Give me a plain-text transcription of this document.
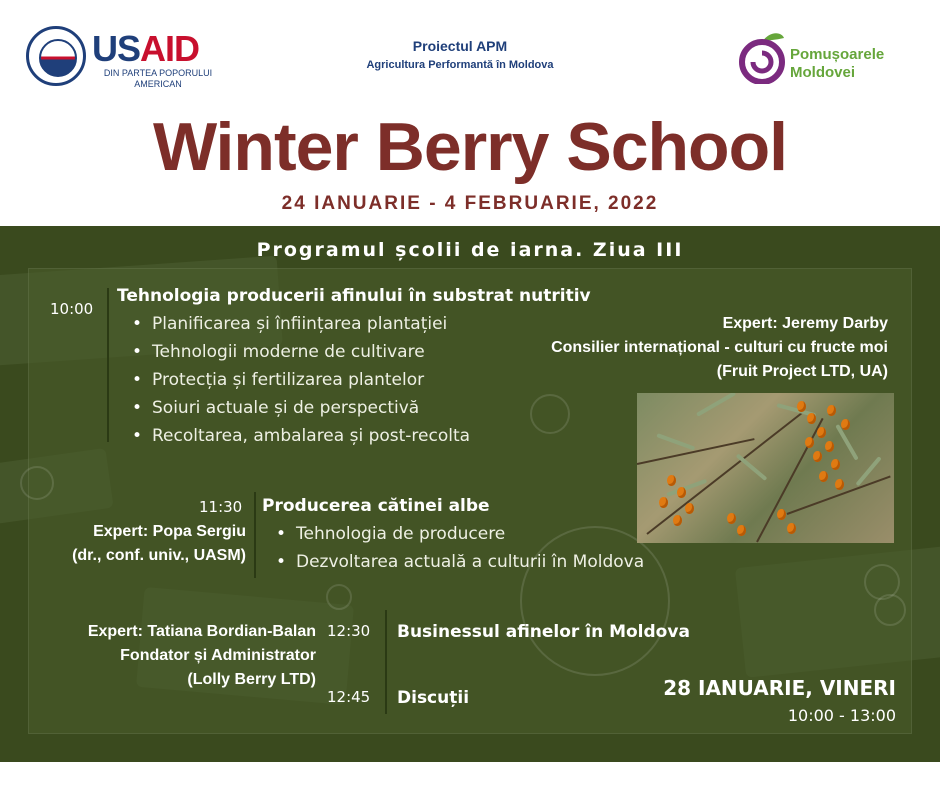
USAID
DIN PARTEA POPORULUI
AMERICAN
Proiectul APM
Agricultura Performantă în Moldova
Pomușoarele
Moldovei
Winter Berry School
24 IANUARIE - 4 FEBRUARIE, 2022
Programul școlii de iarna. Ziua III
10:00
Tehnologia producerii afinului în substrat nutritiv
• Planificarea și înființarea plantației
• Tehnologii moderne de cultivare
• Protecția și fertilizarea plantelor
• Soiuri actuale și de perspectivă
• Recoltarea, ambalarea și post-recolta
Expert: Jeremy Darby
Consilier internațional - culturi cu fructe moi
(Fruit Project LTD, UA)
11:30
Expert: Popa Sergiu
(dr., conf. univ., UASM)
Producerea cătinei albe
• Tehnologia de producere
• Dezvoltarea actuală a culturii în Moldova
Expert: Tatiana Bordian-Balan
Fondator și Administrator
(Lolly Berry LTD)
12:30
12:45
Businessul afinelor în Moldova
Discuții	28 IANUARIE, VINERI
10:00 - 13:00
